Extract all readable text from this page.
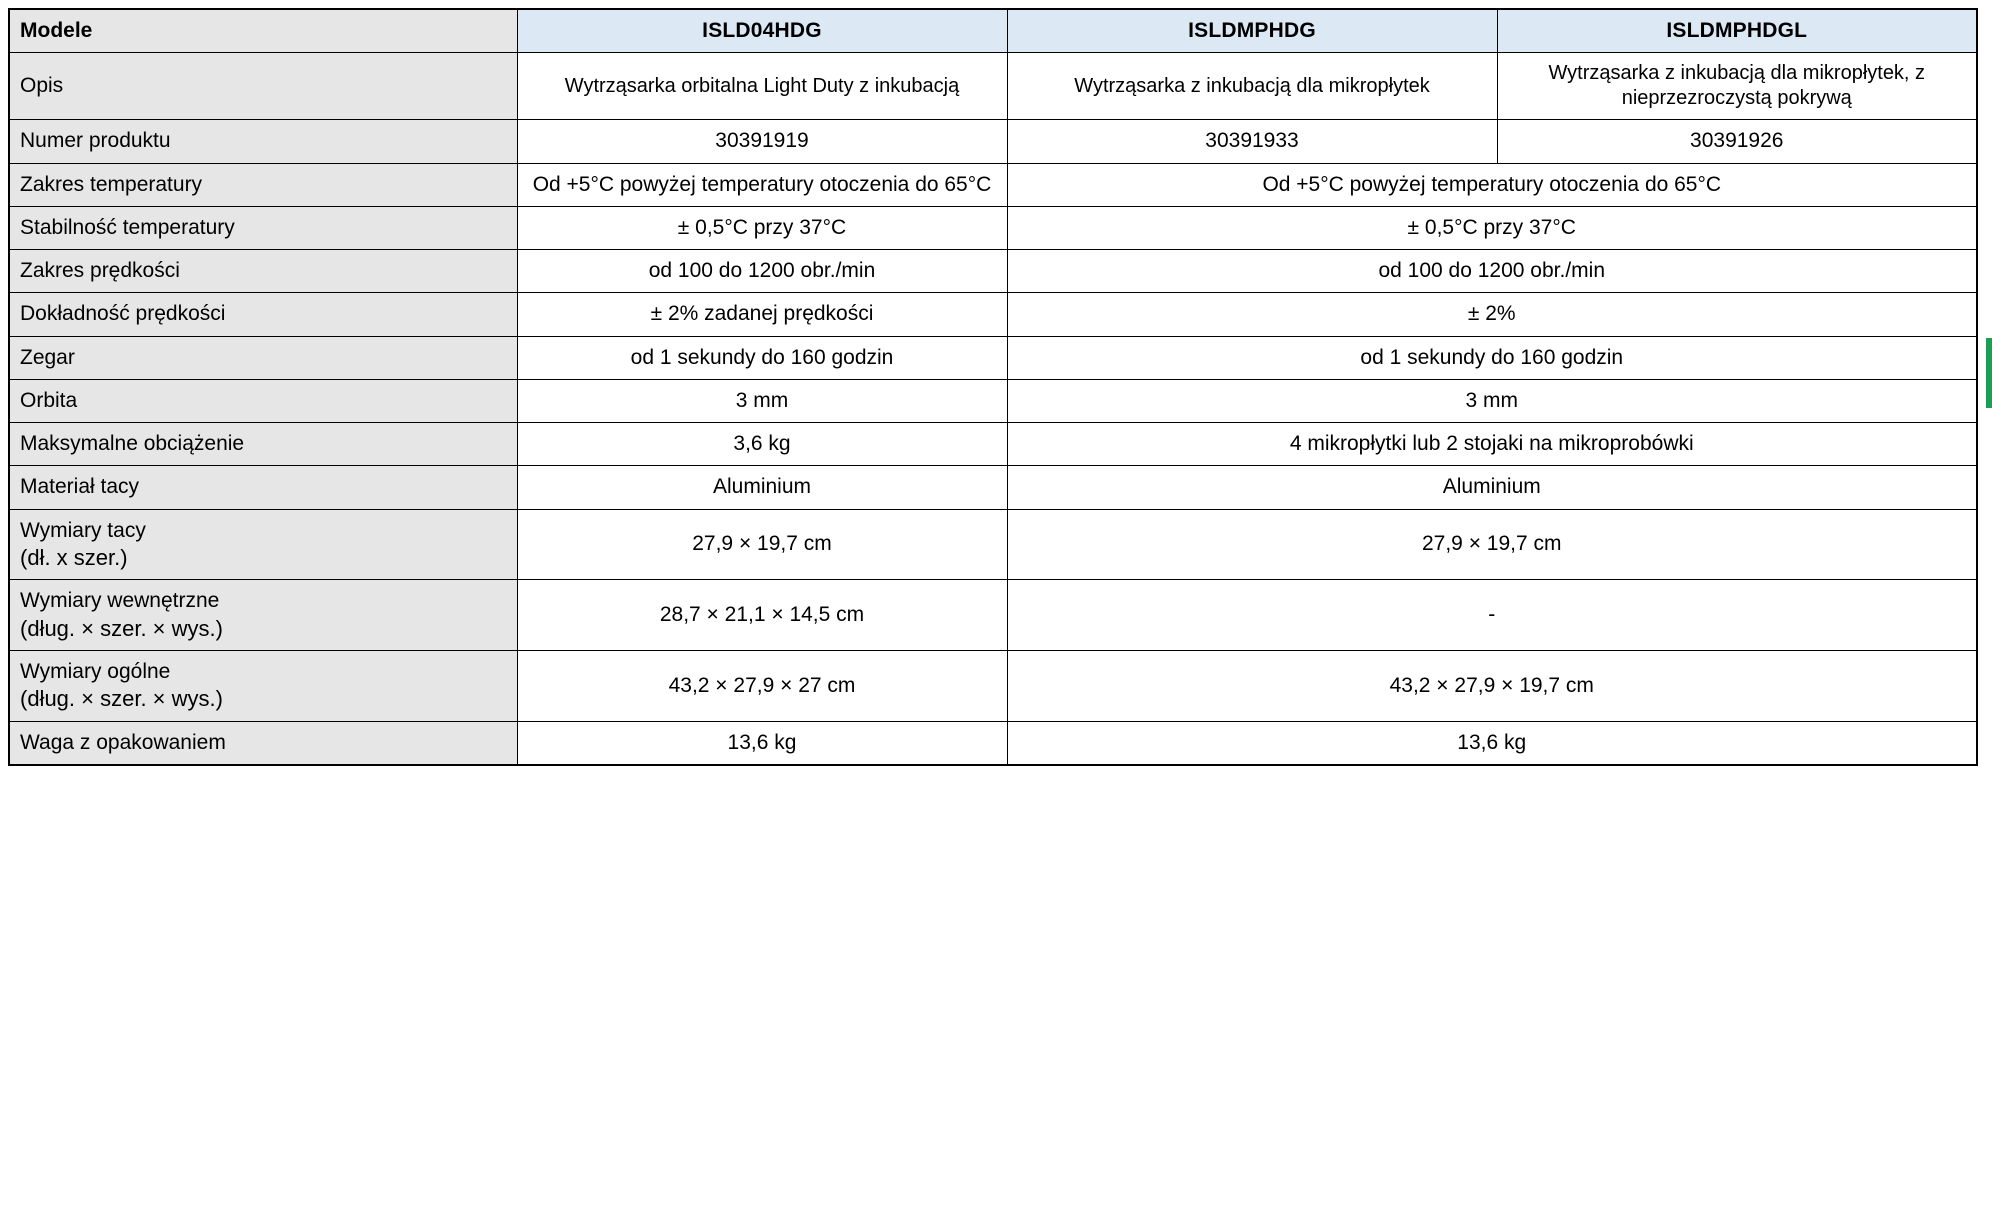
Modele	ISLD04HDG	ISLDMPHDG	ISLDMPHDGL
Opis	Wytrząsarka orbitalna Light Duty z inkubacją	Wytrząsarka z inkubacją dla mikropłytek	Wytrząsarka z inkubacją dla mikropłytek, z nieprzezroczystą pokrywą
Numer produktu	30391919	30391933	30391926
Zakres temperatury	Od +5°C powyżej temperatury otoczenia do 65°C	Od +5°C powyżej temperatury otoczenia do 65°C	
Stabilność temperatury	± 0,5°C przy 37°C	± 0,5°C przy 37°C	
Zakres prędkości	od 100 do 1200 obr./min	od 100 do 1200 obr./min	
Dokładność prędkości	± 2% zadanej prędkości	± 2%	
Zegar	od 1 sekundy do 160 godzin	od 1 sekundy do 160 godzin	
Orbita	3 mm	3 mm	
Maksymalne obciążenie	3,6 kg	4 mikropłytki lub 2 stojaki na mikroprobówki	
Materiał tacy	Aluminium	Aluminium	
Wymiary tacy
(dł. x szer.)	27,9 × 19,7 cm	27,9 × 19,7 cm	
Wymiary wewnętrzne
(dług. × szer. × wys.)	28,7 × 21,1 × 14,5 cm	-	
Wymiary ogólne
(dług. × szer. × wys.)	43,2 × 27,9 × 27 cm	43,2 × 27,9 × 19,7 cm	
Waga z opakowaniem	13,6 kg	13,6 kg	
